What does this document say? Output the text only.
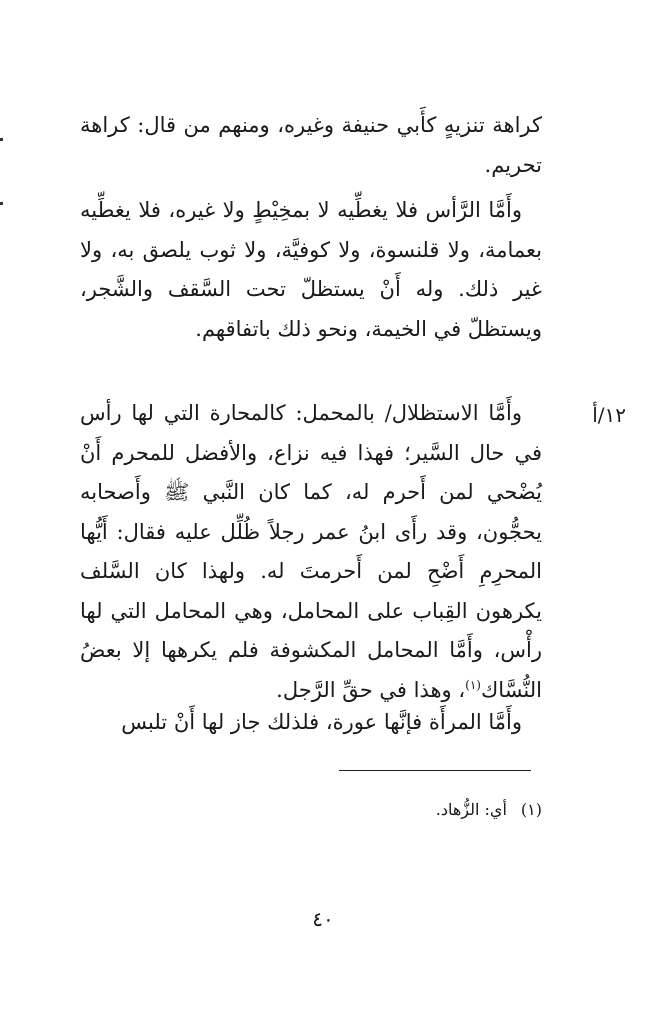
كراهة تنزيهٍ كأَبي حنيفة وغيره، ومنهم من قال: كراهة تحريم.

وأَمَّا الرَّأس فلا يغطِّيه لا بمخِيْطٍ ولا غيره، فلا يغطِّيه بعمامة، ولا قلنسوة، ولا كوفيَّة، ولا ثوب يلصق به، ولا غير ذلك. وله أَنْ يستظلّ تحت السَّقف والشَّجر، ويستظلّ في الخيمة، ونحو ذلك باتفاقهم.

١٢/أ

وأَمَّا الاستظلال/ بالمحمل: كالمحارة التي لها رأس في حال السَّير؛ فهذا فيه نزاع، والأفضل للمحرم أَنْ يُضْحي لمن أَحرم له، كما كان النَّبي ﷺ وأَصحابه يحجُّون، وقد رأَى ابنُ عمر رجلاً ظُلِّل عليه فقال: أَيُّها المحرِمِ أَضْحِ لمن أَحرمتَ له. ولهذا كان السَّلف يكرهون القِباب على المحامل، وهي المحامل التي لها رأْس، وأَمَّا المحامل المكشوفة فلم يكرهها إلا بعضُ النُّسَّاك$^{(١)}$، وهذا في حقِّ الرَّجل.

وأَمَّا المرأَة فإنَّها عورة، فلذلك جاز لها أَنْ تلبس

(١)أي: الزُّهاد.
٤٠
